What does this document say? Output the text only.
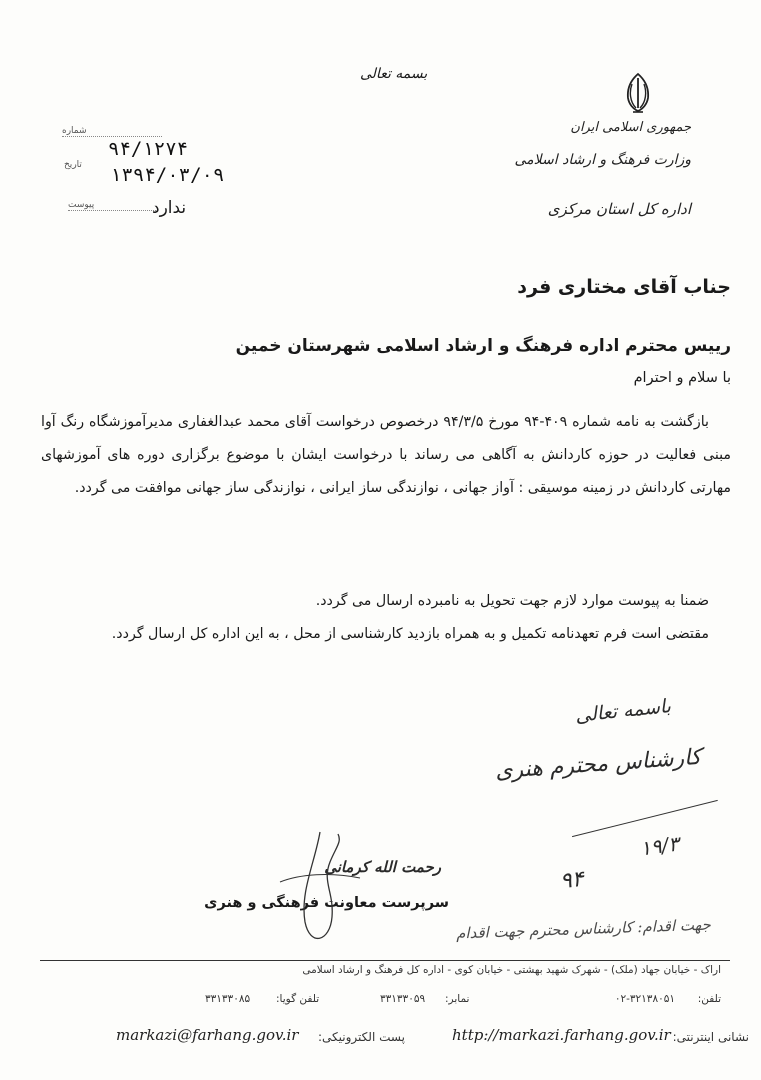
بسمه تعالی
جمهوری اسلامی ایران
وزارت فرهنگ و ارشاد اسلامی
اداره کل استان مرکزی
شماره
۹۴/۱۲۷۴
تاریخ ۱۳۹۴/۰۳/۰۹
پیوست	ندارد
جناب آقای مختاری فرد
رییس محترم اداره فرهنگ و ارشاد اسلامی شهرستان خمین
با سلام و احترام
بازگشت به نامه شماره ۴۰۹-۹۴ مورخ ۹۴/۳/۵ درخصوص درخواست آقای محمد عبدالغفاری مدیرآموزشگاه رنگ آوا مبنی فعالیت در حوزه کاردانش به آگاهی می رساند با درخواست ایشان با موضوع برگزاری دوره های آموزشهای مهارتی کاردانش در زمینه موسیقی : آواز جهانی ، نوازندگی ساز ایرانی ، نوازندگی ساز جهانی موافقت می گردد.
ضمنا به پیوست موارد لازم جهت تحویل به نامبرده ارسال می گردد.
مقتضی است فرم تعهدنامه تکمیل و به همراه بازدید کارشناسی از محل ، به این اداره کل ارسال گردد.
باسمه تعالی
کارشناس محترم هنری
۱۹/۳
۹۴
جهت اقدام: کارشناس محترم جهت اقدام
رحمت الله کرمانی
سرپرست معاونت فرهنگی و هنری
اراک - خیابان جهاد (ملک) - شهرک شهید بهشتی - خیابان کوی - اداره کل فرهنگ و ارشاد اسلامی
تلفن:
۰۲-۳۲۱۳۸۰۵۱
نمابر:
۳۳۱۳۳۰۵۹
تلفن گویا:
۳۳۱۳۳۰۸۵
نشانی اینترنتی:
http://markazi.farhang.gov.ir
پست الکترونیکی:
markazi@farhang.gov.ir
